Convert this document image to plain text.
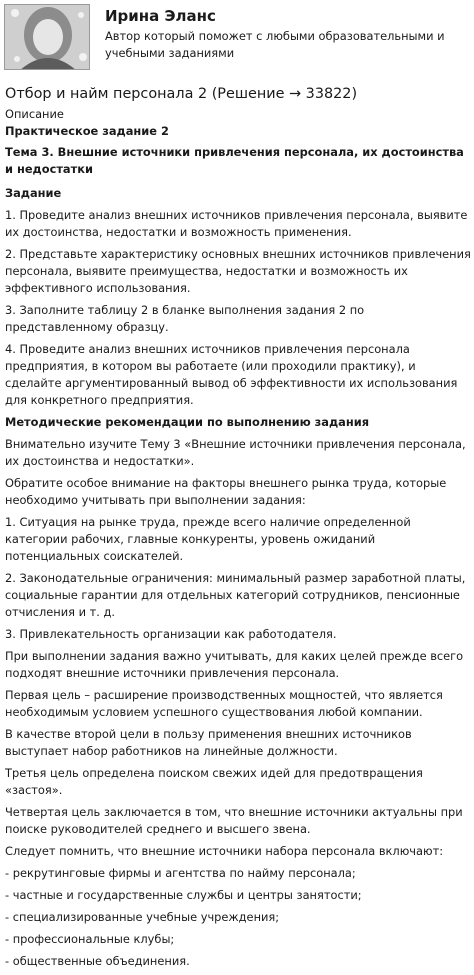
Ирина Эланс
Автор который поможет с любыми образовательными и учебными заданиями
Отбор и найм персонала 2 (Решение → 33822)
Описание
Практическое задание 2
Тема 3. Внешние источники привлечения персонала, их достоинства и недостатки
Задание
1. Проведите анализ внешних источников привлечения персонала, выявите их достоинства, недостатки и возможность применения.
2. Представьте характеристику основных внешних источников привлечения персонала, выявите преимущества, недостатки и возможность их эффективного использования.
3. Заполните таблицу 2 в бланке выполнения задания 2 по представленному образцу.
4. Проведите анализ внешних источников привлечения персонала предприятия, в котором вы работаете (или проходили практику), и сделайте аргументированный вывод об эффективности их использования для конкретного предприятия.
Методические рекомендации по выполнению задания
Внимательно изучите Тему 3 «Внешние источники привлечения персонала, их достоинства и недостатки».
Обратите особое внимание на факторы внешнего рынка труда, которые необходимо учитывать при выполнении задания:
1. Ситуация на рынке труда, прежде всего наличие определенной категории рабочих, главные конкуренты, уровень ожиданий потенциальных соискателей.
2. Законодательные ограничения: минимальный размер заработной платы, социальные гарантии для отдельных категорий сотрудников, пенсионные отчисления и т. д.
3. Привлекательность организации как работодателя.
При выполнении задания важно учитывать, для каких целей прежде всего подходят внешние источники привлечения персонала.
Первая цель – расширение производственных мощностей, что является необходимым условием успешного существования любой компании.
В качестве второй цели в пользу применения внешних источников выступает набор работников на линейные должности.
Третья цель определена поиском свежих идей для предотвращения «застоя».
Четвертая цель заключается в том, что внешние источники актуальны при поиске руководителей среднего и высшего звена.
Следует помнить, что внешние источники набора персонала включают:
- рекрутинговые фирмы и агентства по найму персонала;
- частные и государственные службы и центры занятости;
- специализированные учебные учреждения;
- профессиональные клубы;
- общественные объединения.
